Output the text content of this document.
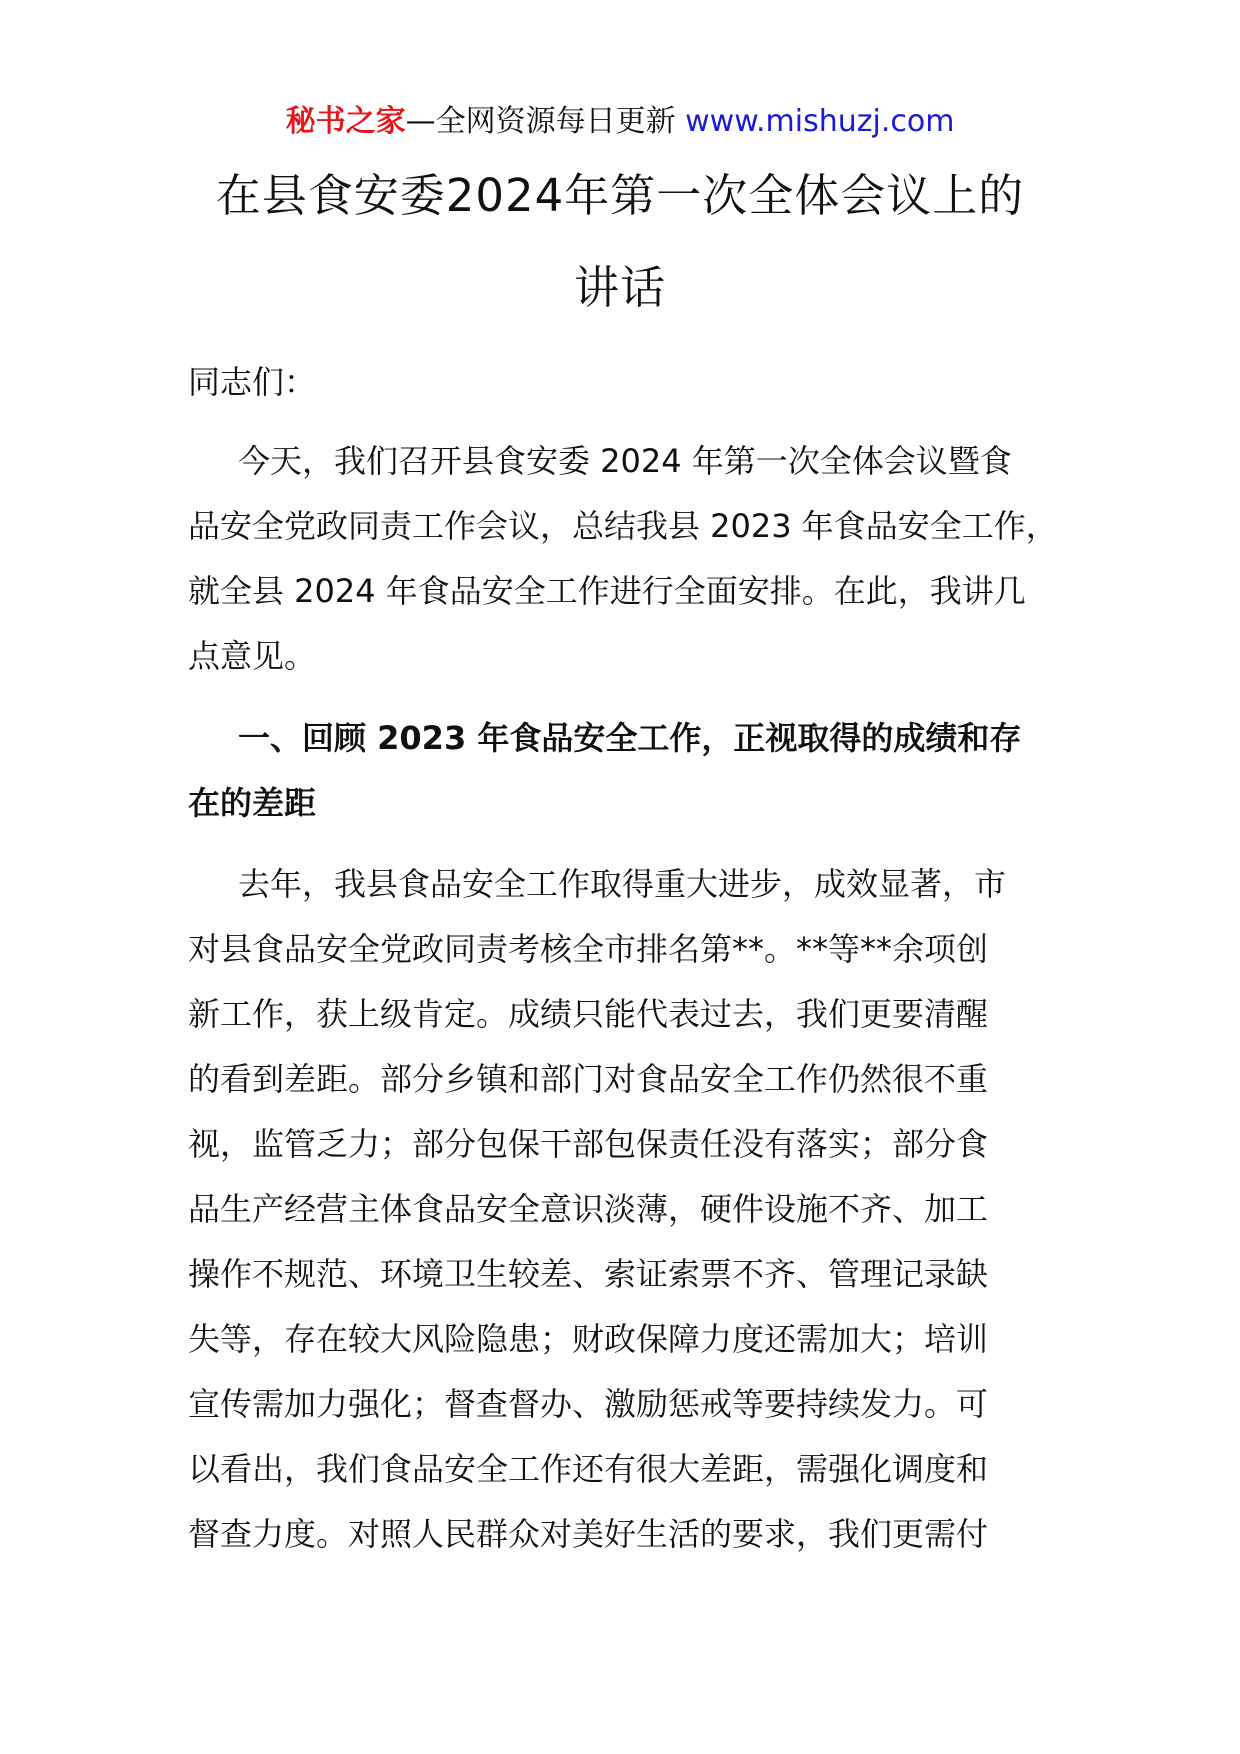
秘书之家—全网资源每日更新 www.mishuzj.com
在县食安委2024年第一次全体会议上的
讲话
同志们：
今天，我们召开县食安委 2024 年第一次全体会议暨食
品安全党政同责工作会议，总结我县 2023 年食品安全工作，
就全县 2024 年食品安全工作进行全面安排。在此，我讲几
点意见。
一、回顾 2023 年食品安全工作，正视取得的成绩和存
在的差距
去年，我县食品安全工作取得重大进步，成效显著，市
对县食品安全党政同责考核全市排名第**。**等**余项创
新工作，获上级肯定。成绩只能代表过去，我们更要清醒
的看到差距。部分乡镇和部门对食品安全工作仍然很不重
视，监管乏力；部分包保干部包保责任没有落实；部分食
品生产经营主体食品安全意识淡薄，硬件设施不齐、加工
操作不规范、环境卫生较差、索证索票不齐、管理记录缺
失等，存在较大风险隐患；财政保障力度还需加大；培训
宣传需加力强化；督查督办、激励惩戒等要持续发力。可
以看出，我们食品安全工作还有很大差距，需强化调度和
督查力度。对照人民群众对美好生活的要求，我们更需付
